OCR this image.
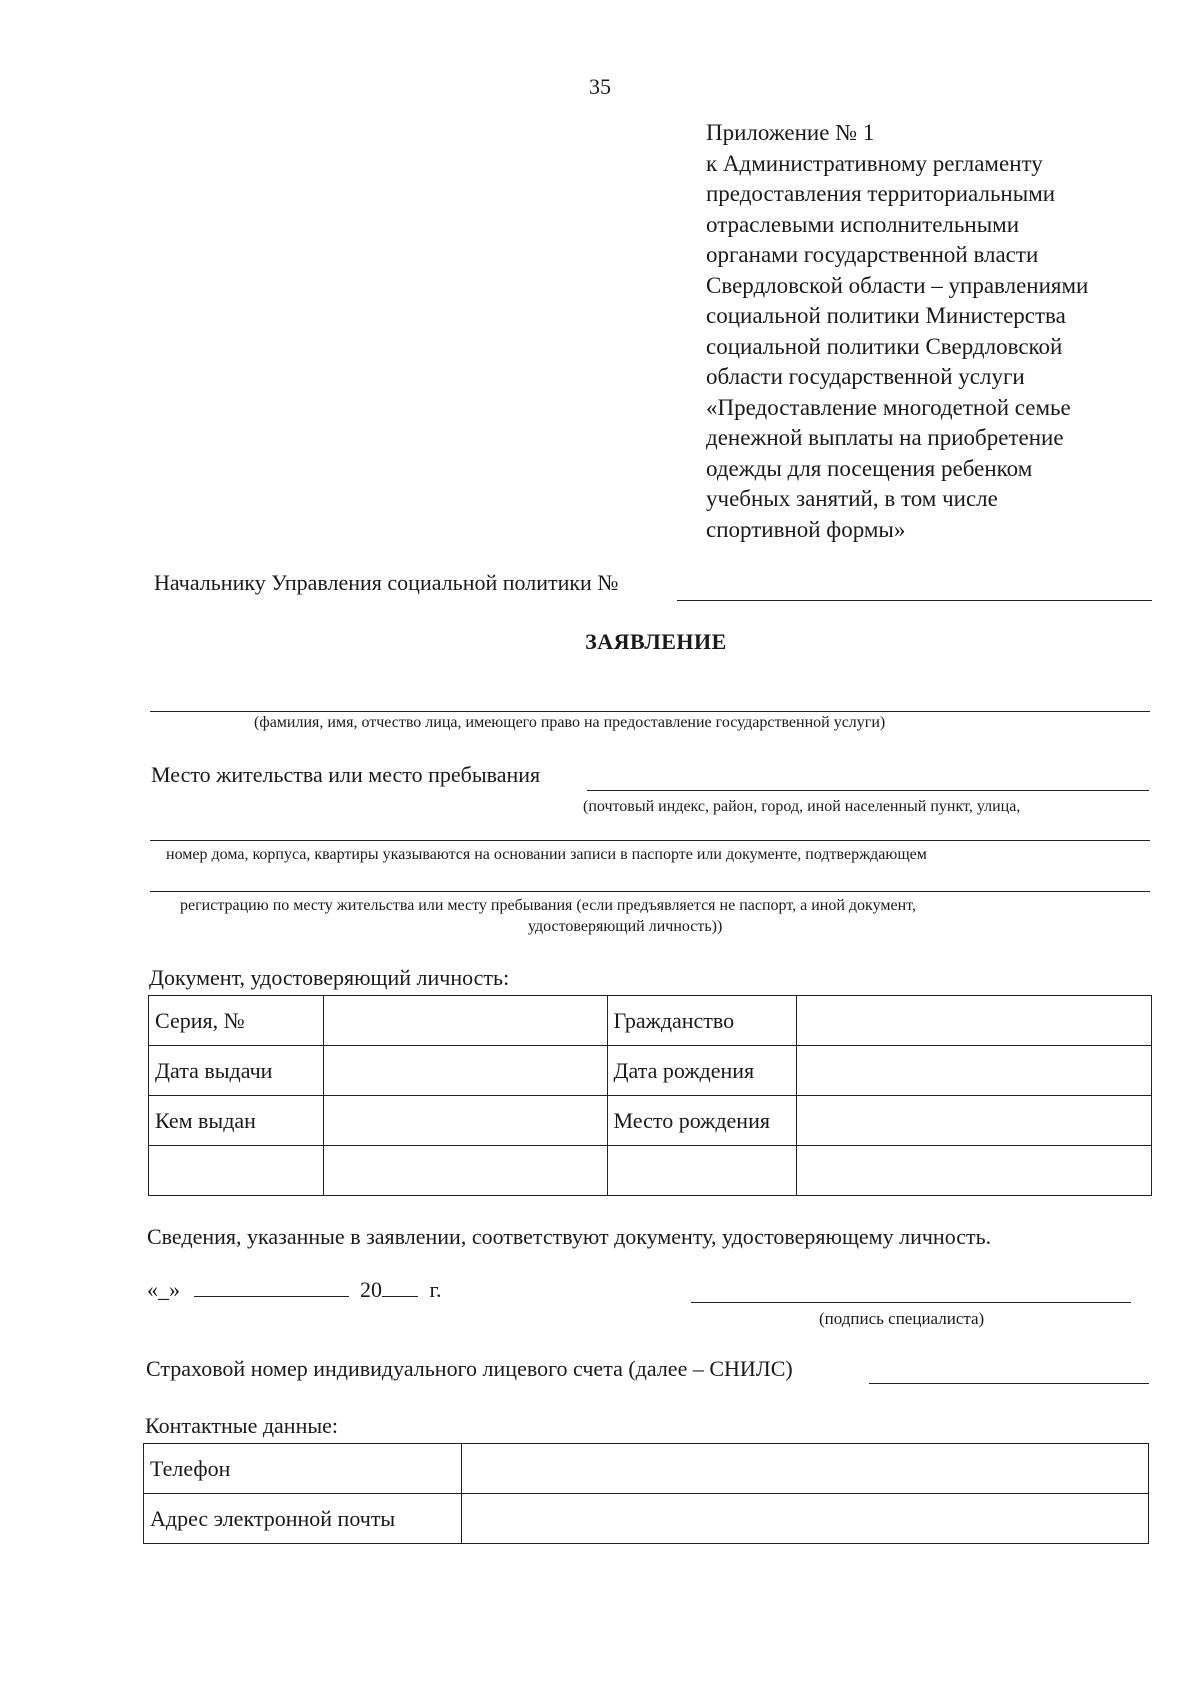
35
Приложение № 1
к Административному регламенту
предоставления территориальными
отраслевыми исполнительными
органами государственной власти
Свердловской области – управлениями
социальной политики Министерства
социальной политики Свердловской
области государственной услуги
«Предоставление многодетной семье
денежной выплаты на приобретение
одежды для посещения ребенком
учебных занятий, в том числе
спортивной формы»
Начальнику Управления социальной политики №
ЗАЯВЛЕНИЕ
(фамилия, имя, отчество лица, имеющего право на предоставление государственной услуги)
Место жительства или место пребывания
(почтовый индекс, район, город, иной населенный пункт, улица,
номер дома, корпуса, квартиры указываются на основании записи в паспорте или документе, подтверждающем
регистрацию по месту жительства или месту пребывания (если предъявляется не паспорт, а иной документ,
удостоверяющий личность))
Документ, удостоверяющий личность:
Серия, №		Гражданство	
Дата выдачи		Дата рождения	
Кем выдан		Место рождения	

Сведения, указанные в заявлении, соответствуют документу, удостоверяющему личность.
«_»	20 г.
(подпись специалиста)
Страховой номер индивидуального лицевого счета (далее – СНИЛС)
Контактные данные:
Телефон	
Адрес электронной почты	
